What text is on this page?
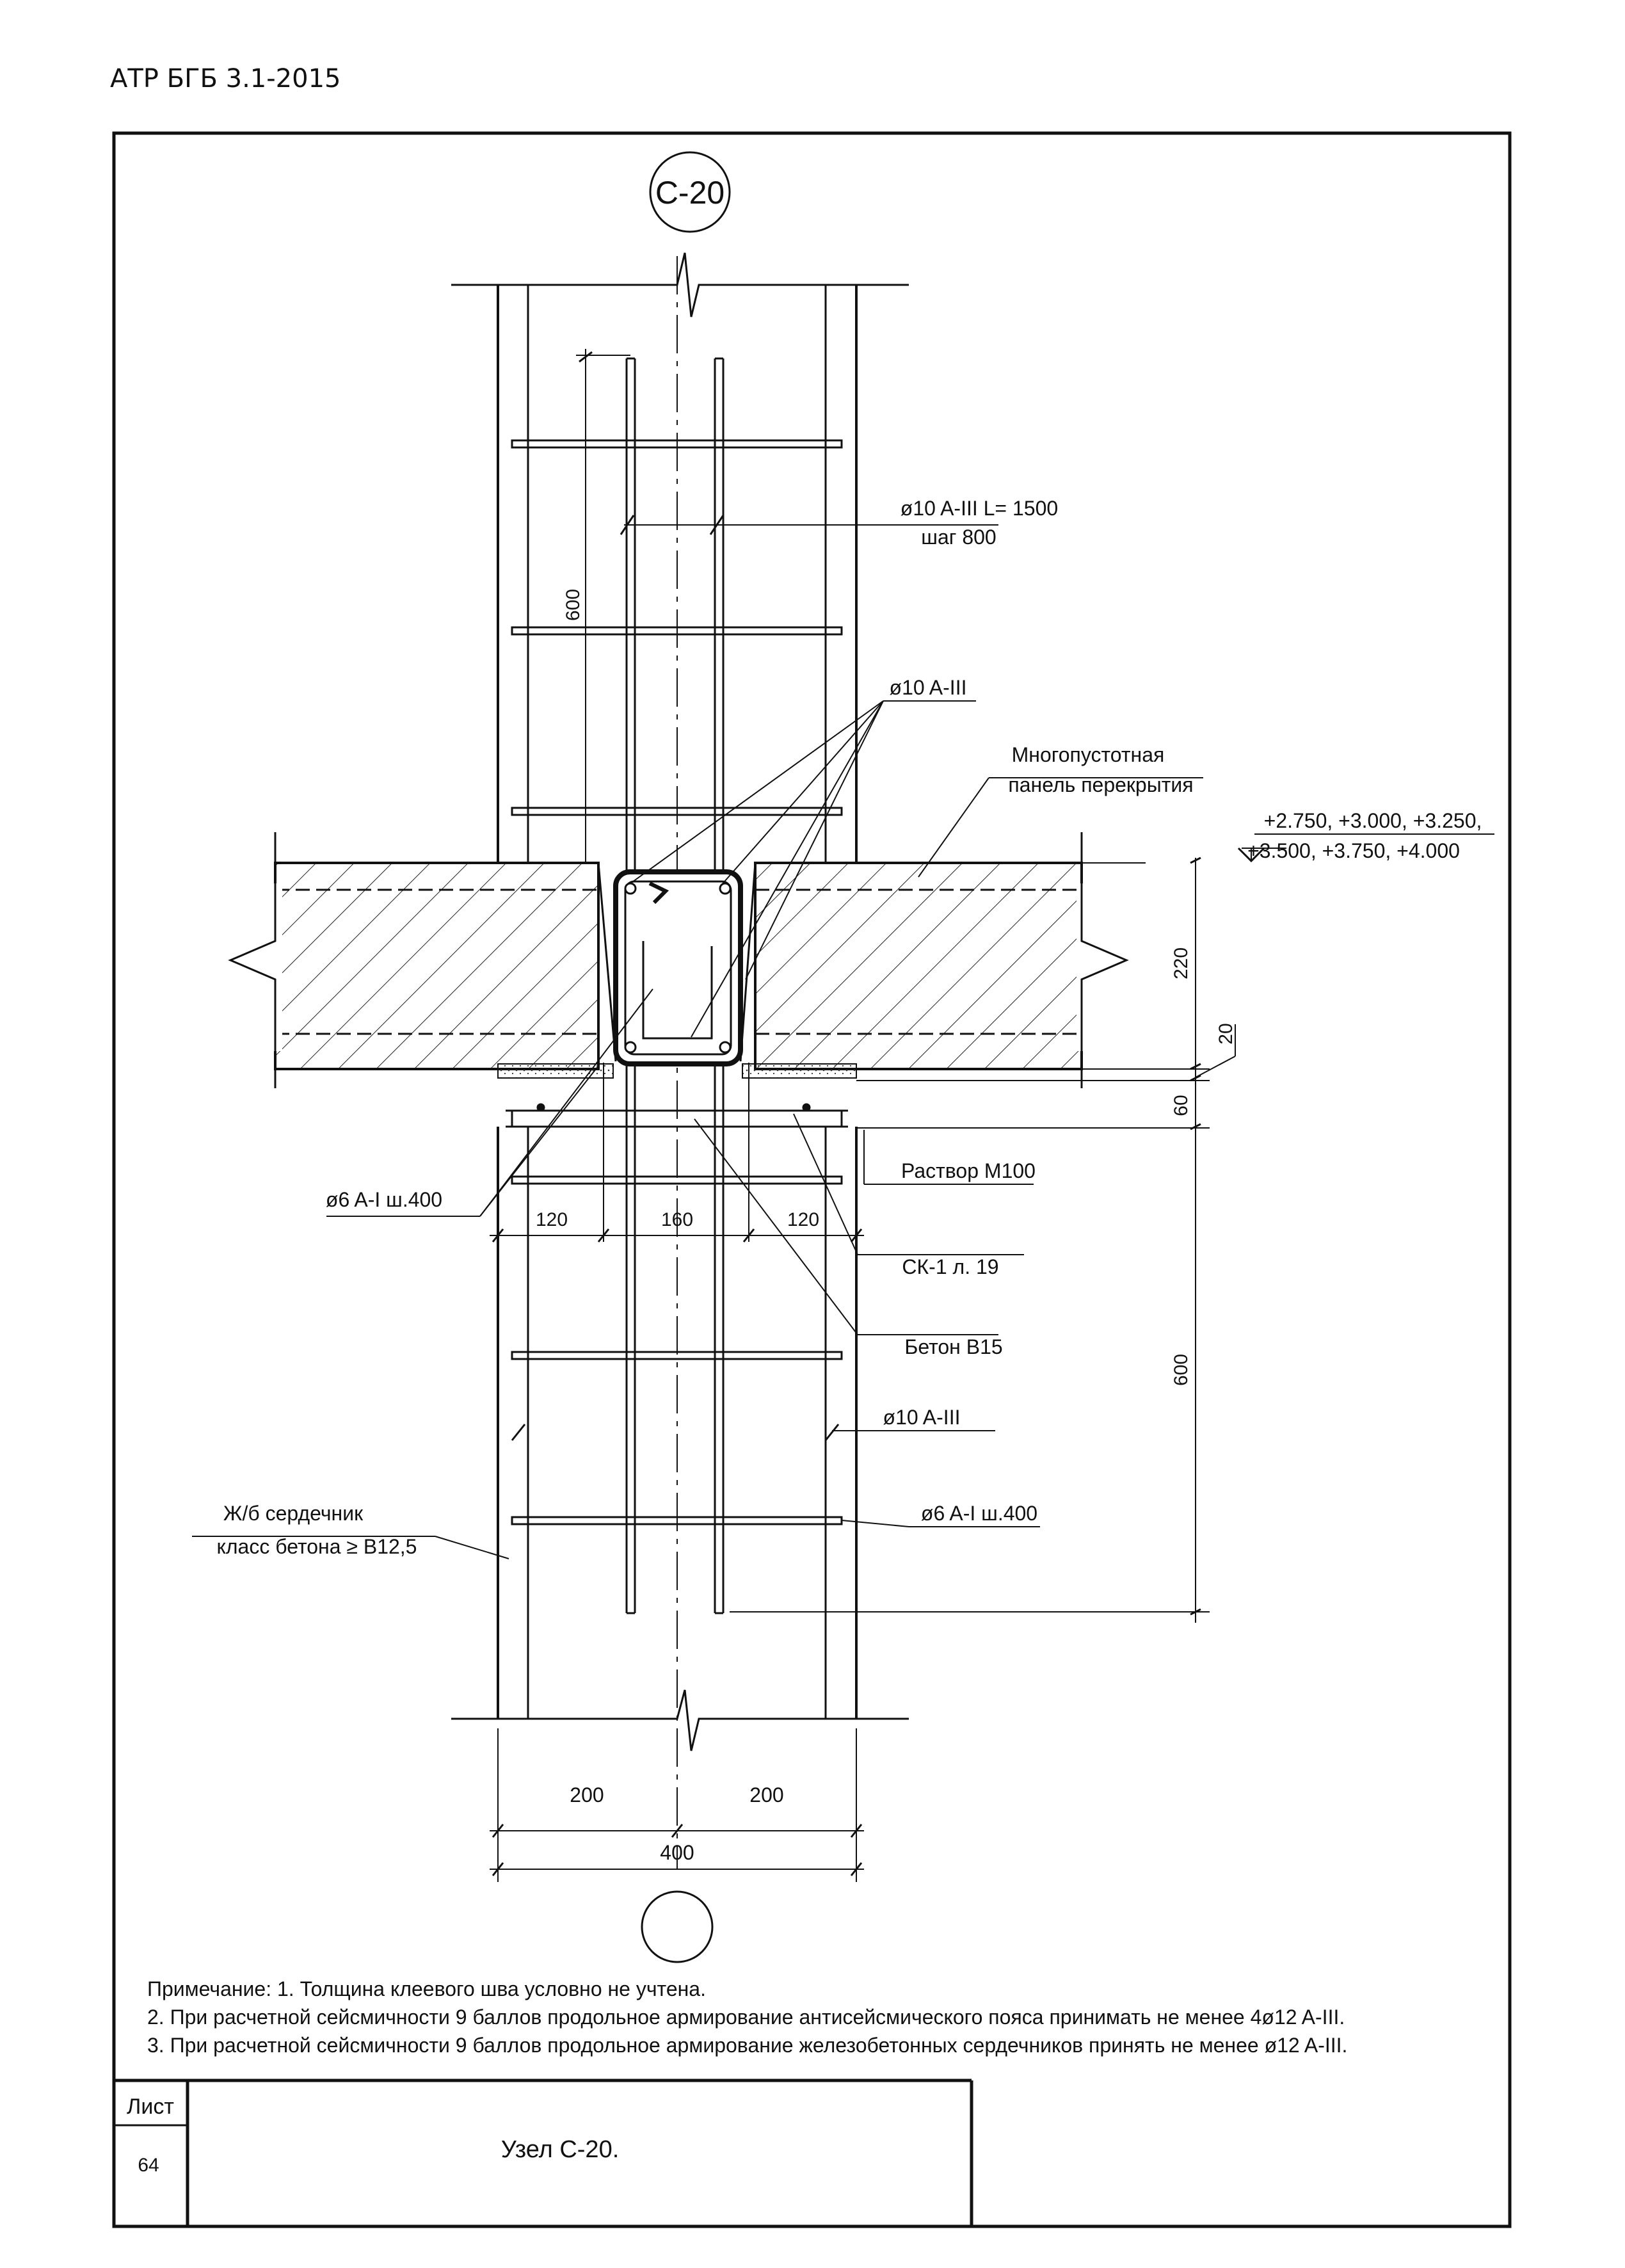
АТР БГБ 3.1-2015
С-20
220
20
60
600
600
120	160	120
200	200
400
ø10 A-III L= 1500
шаг 800
ø10 A-III
Многопустотная
панель перекрытия
+2.750, +3.000, +3.250,
+3.500, +3.750, +4.000
ø6 A-I ш.400
Раствор М100
СК-1 л. 19
Бетон В15
ø10 A-III
ø6 A-I ш.400
Ж/б сердечник
класс бетона ≥ В12,5
Примечание: 1. Толщина клеевого шва условно не учтена.
2. При расчетной сейсмичности 9 баллов продольное армирование антисейсмического пояса принимать не менее 4ø12 A-III.
3. При расчетной сейсмичности 9 баллов продольное армирование железобетонных сердечников принять не менее ø12 A-III.
Лист
64
Узел С-20.
